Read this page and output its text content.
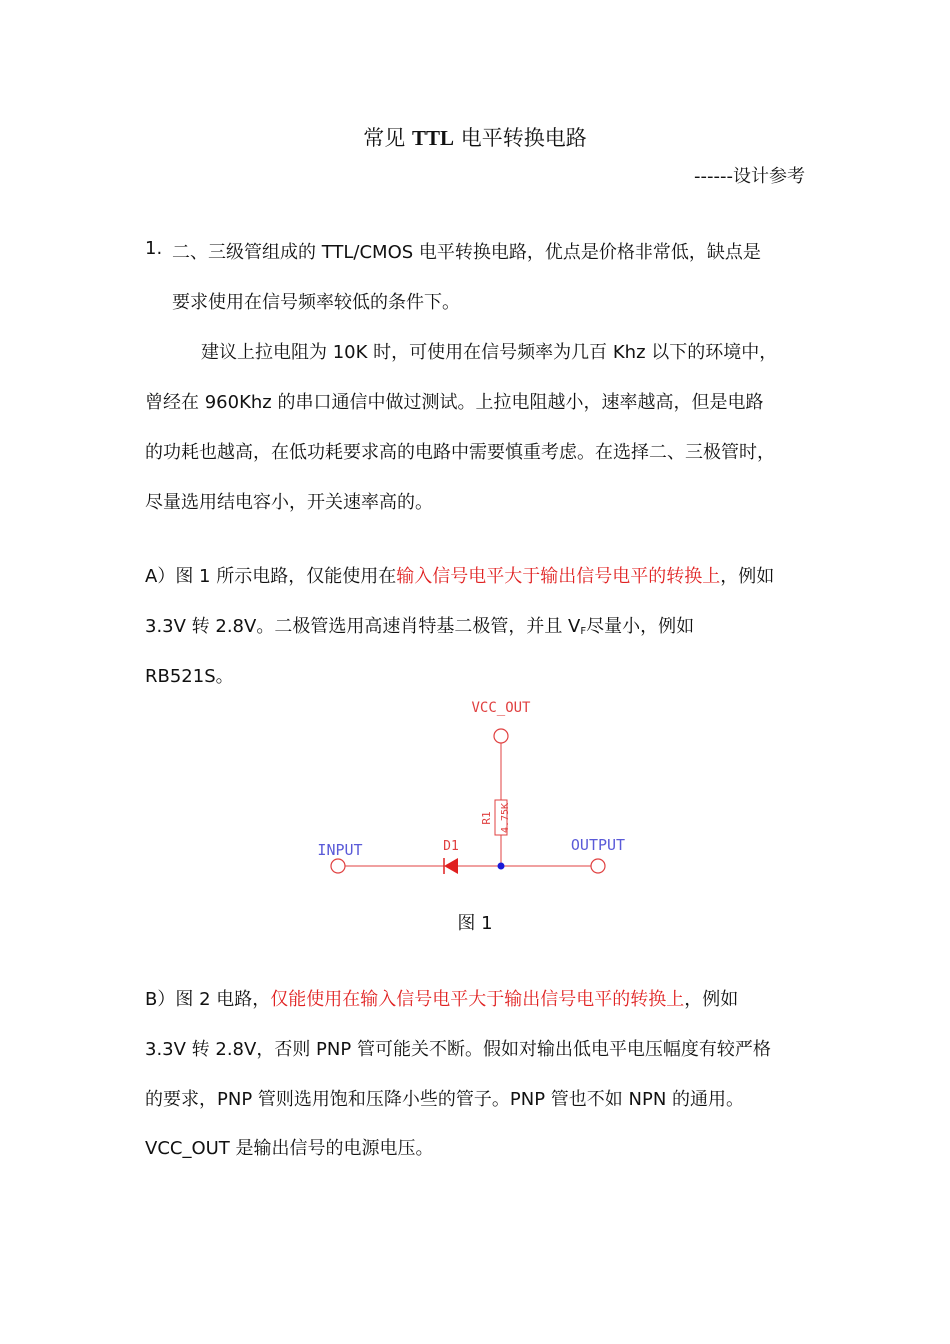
常见 TTL 电平转换电路
------设计参考
1. 二、三级管组成的 TTL/CMOS 电平转换电路，优点是价格非常低，缺点是
要求使用在信号频率较低的条件下。
建议上拉电阻为 10K 时，可使用在信号频率为几百 Khz 以下的环境中，
曾经在 960Khz 的串口通信中做过测试。上拉电阻越小，速率越高，但是电路
的功耗也越高，在低功耗要求高的电路中需要慎重考虑。在选择二、三极管时，
尽量选用结电容小，开关速率高的。
A）图 1 所示电路，仅能使用在输入信号电平大于输出信号电平的转换上，例如
3.3V 转 2.8V。二极管选用高速肖特基二极管，并且 $V_F$尽量小，例如
RB521S。
VCC_OUT
R1 4.75K
INPUT	D1	OUTPUT
图 1
B）图 2 电路，仅能使用在输入信号电平大于输出信号电平的转换上，例如
3.3V 转 2.8V，否则 PNP 管可能关不断。假如对输出低电平电压幅度有较严格
的要求，PNP 管则选用饱和压降小些的管子。PNP 管也不如 NPN 的通用。
VCC_OUT 是输出信号的电源电压。
